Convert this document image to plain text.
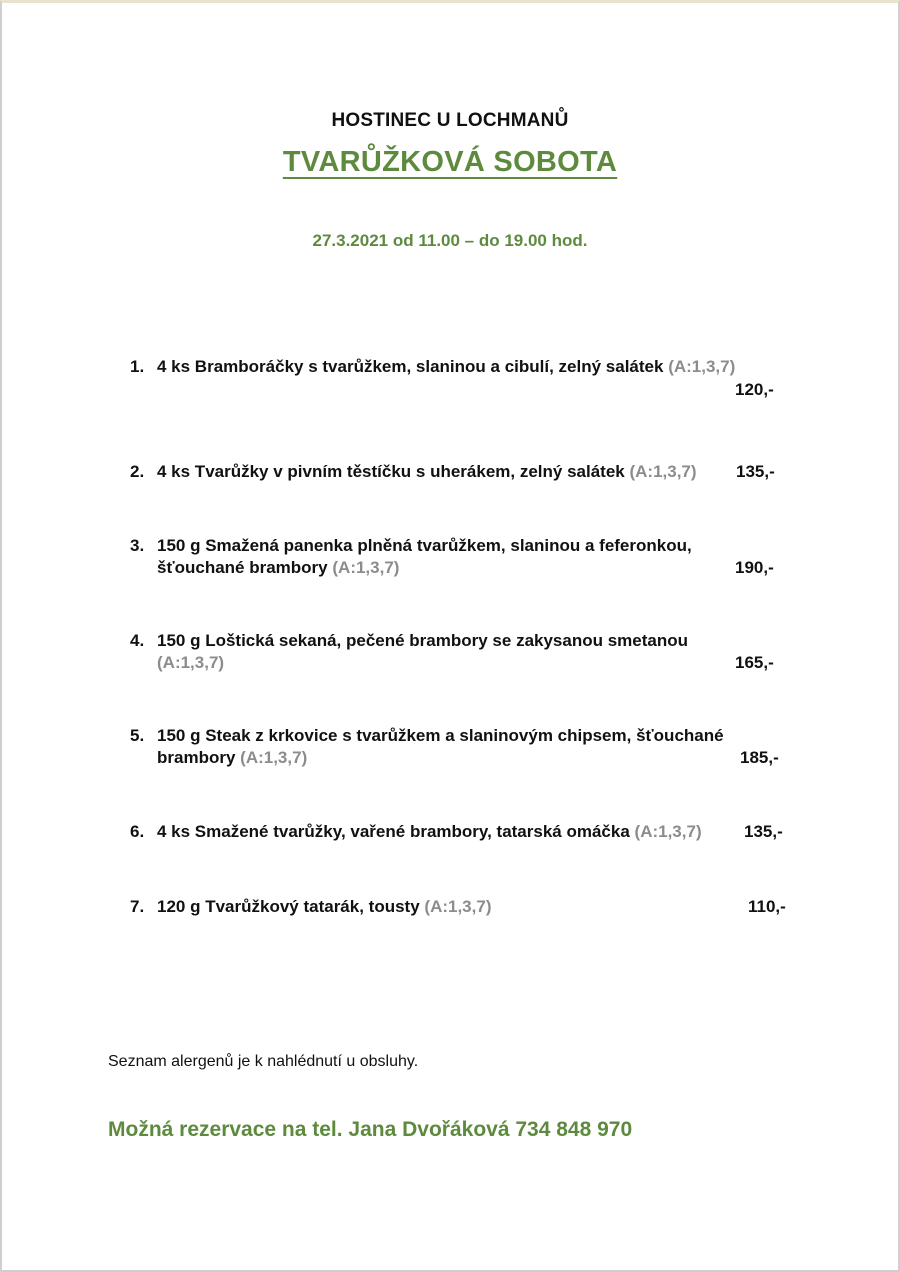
HOSTINEC U LOCHMANŮ
TVARŮŽKOVÁ SOBOTA
27.3.2021 od 11.00 – do 19.00 hod.
1. 4 ks Bramboráčky s tvarůžkem, slaninou a cibulí, zelný salátek (A:1,3,7)
120,-
2. 4 ks Tvarůžky v pivním těstíčku s uherákem, zelný salátek (A:1,3,7) 135,-
3. 150 g Smažená panenka plněná tvarůžkem, slaninou a feferonkou,
šťouchané brambory (A:1,3,7)	190,-
4. 150 g Loštická sekaná, pečené brambory se zakysanou smetanou
(A:1,3,7)	165,-
5. 150 g Steak z krkovice s tvarůžkem a slaninovým chipsem, šťouchané
brambory (A:1,3,7)	185,-
6. 4 ks Smažené tvarůžky, vařené brambory, tatarská omáčka (A:1,3,7) 135,-
7. 120 g Tvarůžkový tatarák, tousty (A:1,3,7)	110,-
Seznam alergenů je k nahlédnutí u obsluhy.
Možná rezervace na tel. Jana Dvořáková 734 848 970
